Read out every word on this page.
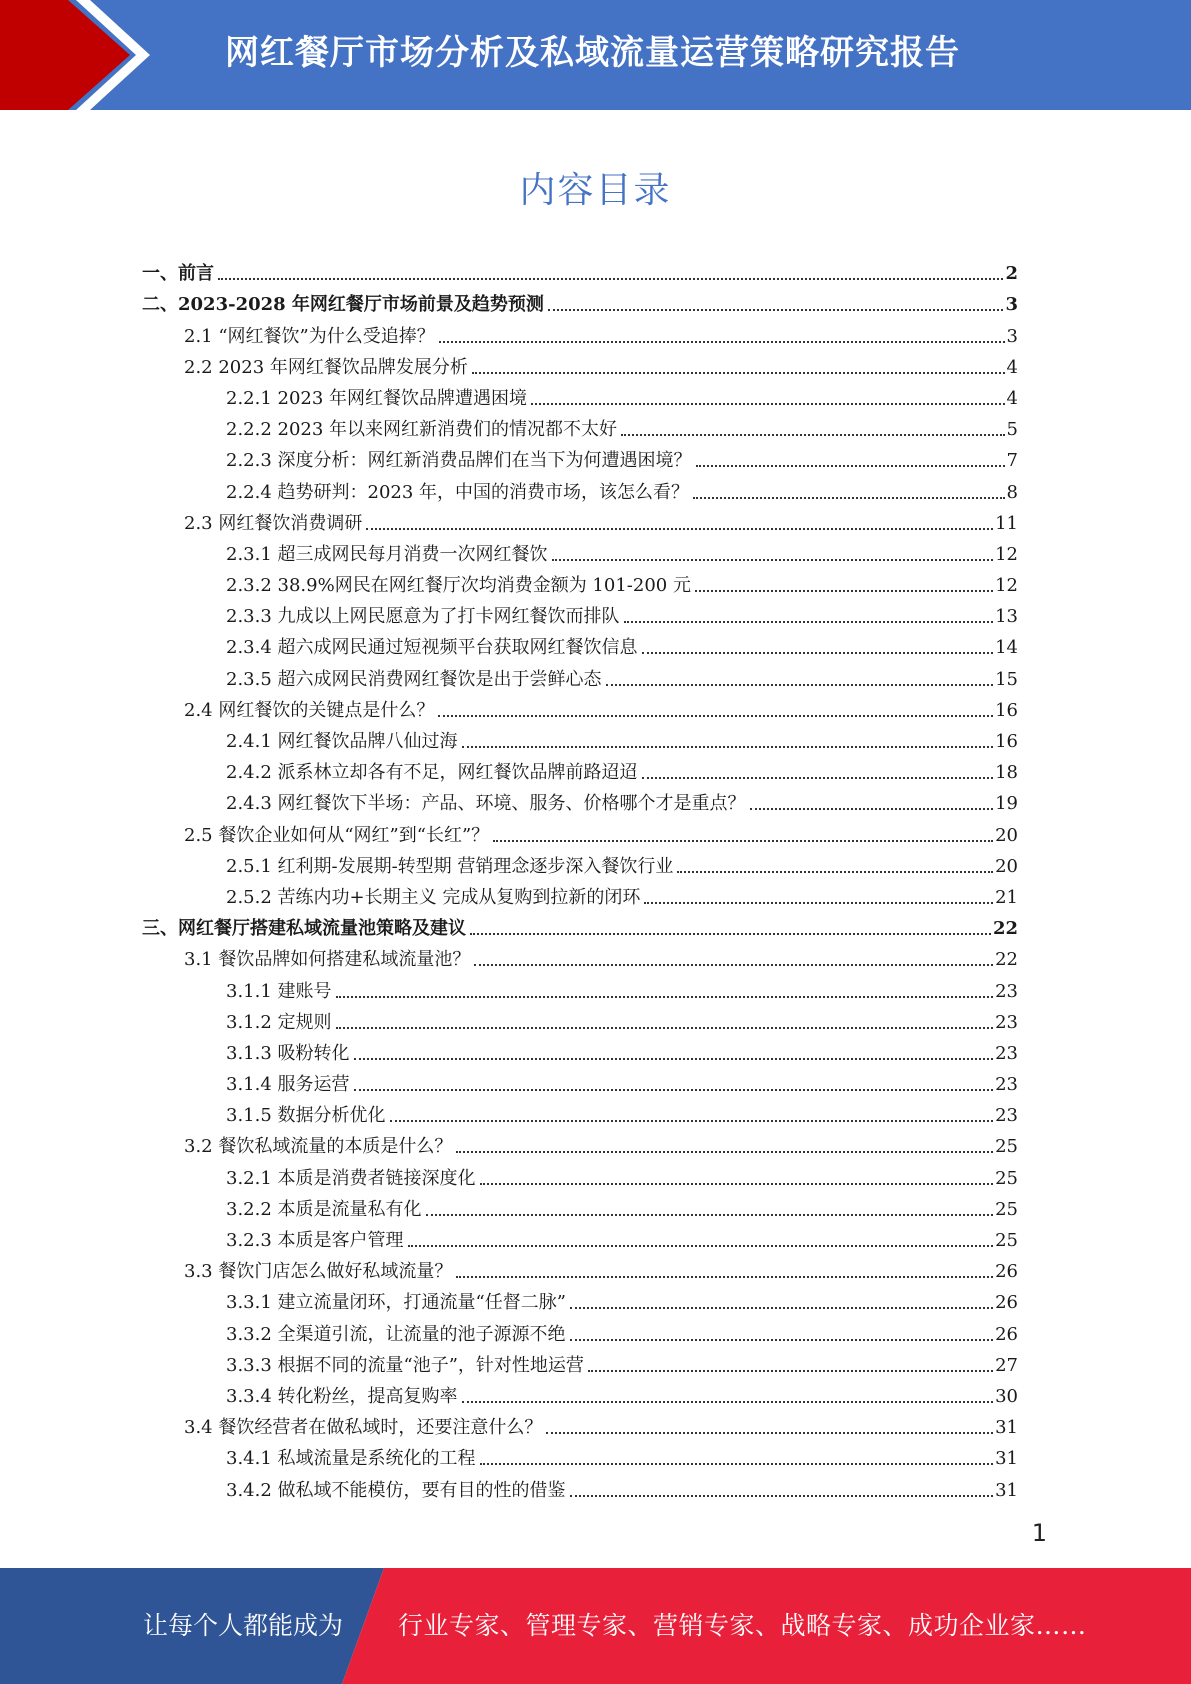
网红餐厅市场分析及私域流量运营策略研究报告
内容目录
一、前言	2
二、2023-2028 年网红餐厅市场前景及趋势预测	3
2.1 “网红餐饮”为什么受追捧？	3
2.2 2023 年网红餐饮品牌发展分析	4
2.2.1 2023 年网红餐饮品牌遭遇困境	4
2.2.2 2023 年以来网红新消费们的情况都不太好	5
2.2.3 深度分析：网红新消费品牌们在当下为何遭遇困境？	7
2.2.4 趋势研判：2023 年，中国的消费市场，该怎么看？	8
2.3 网红餐饮消费调研	11
2.3.1 超三成网民每月消费一次网红餐饮	12
2.3.2 38.9%网民在网红餐厅次均消费金额为 101-200 元	12
2.3.3 九成以上网民愿意为了打卡网红餐饮而排队	13
2.3.4 超六成网民通过短视频平台获取网红餐饮信息	14
2.3.5 超六成网民消费网红餐饮是出于尝鲜心态	15
2.4 网红餐饮的关键点是什么？	16
2.4.1 网红餐饮品牌八仙过海	16
2.4.2 派系林立却各有不足，网红餐饮品牌前路迢迢	18
2.4.3 网红餐饮下半场：产品、环境、服务、价格哪个才是重点？	19
2.5 餐饮企业如何从“网红”到“长红”？	20
2.5.1 红利期-发展期-转型期 营销理念逐步深入餐饮行业	20
2.5.2 苦练内功+长期主义 完成从复购到拉新的闭环	21
三、网红餐厅搭建私域流量池策略及建议	22
3.1 餐饮品牌如何搭建私域流量池？	22
3.1.1 建账号	23
3.1.2 定规则	23
3.1.3 吸粉转化	23
3.1.4 服务运营	23
3.1.5 数据分析优化	23
3.2 餐饮私域流量的本质是什么？	25
3.2.1 本质是消费者链接深度化	25
3.2.2 本质是流量私有化	25
3.2.3 本质是客户管理	25
3.3 餐饮门店怎么做好私域流量？	26
3.3.1 建立流量闭环，打通流量“任督二脉”	26
3.3.2 全渠道引流，让流量的池子源源不绝	26
3.3.3 根据不同的流量“池子”，针对性地运营	27
3.3.4 转化粉丝，提高复购率	30
3.4 餐饮经营者在做私域时，还要注意什么？	31
3.4.1 私域流量是系统化的工程	31
3.4.2 做私域不能模仿，要有目的性的借鉴	31
1
让每个人都能成为 行业专家、管理专家、营销专家、战略专家、成功企业家……
